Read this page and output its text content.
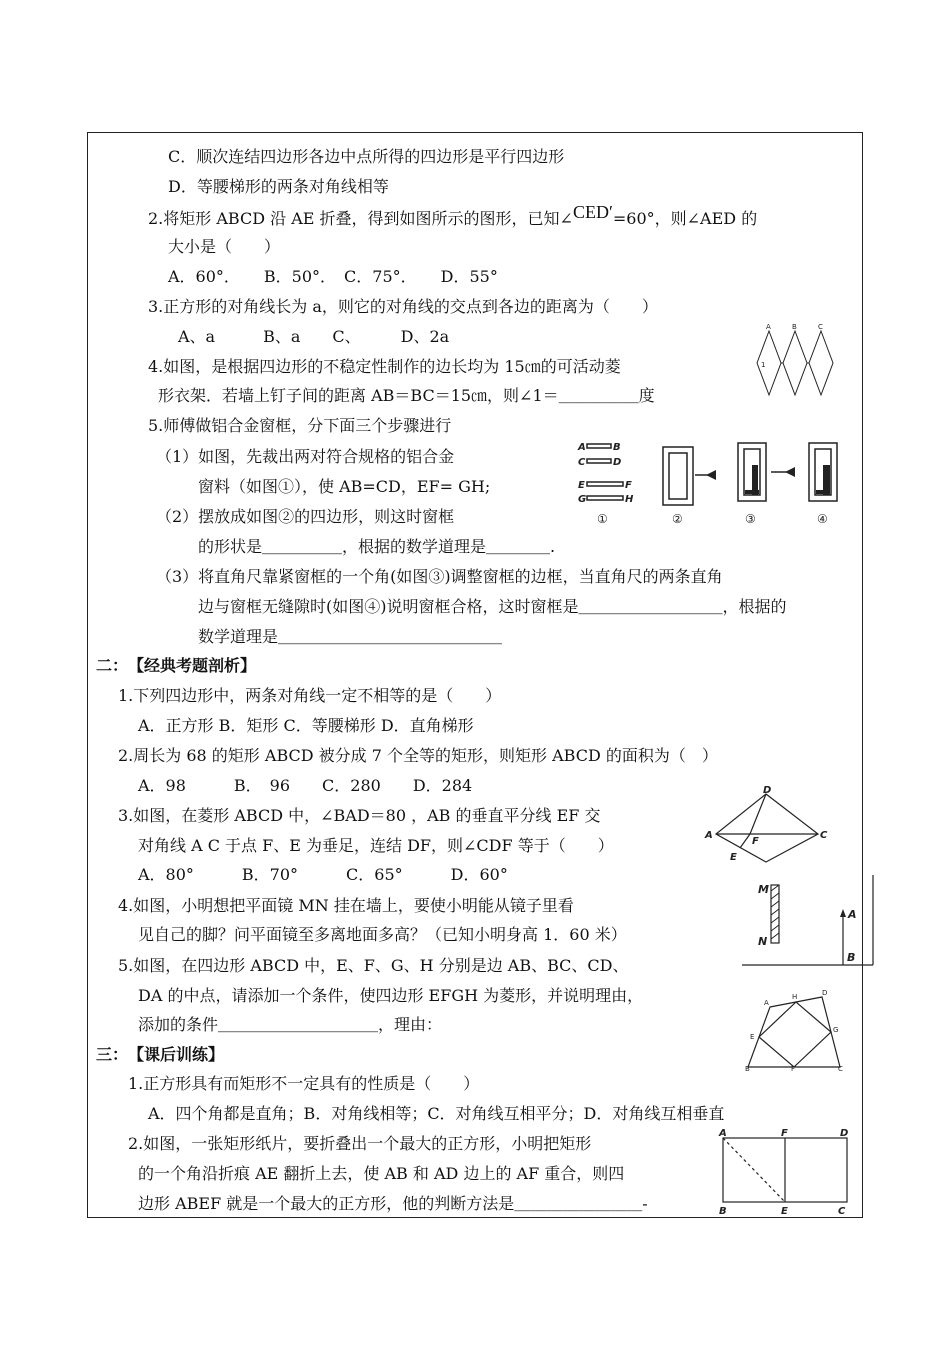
C．顺次连结四边形各边中点所得的四边形是平行四边形
D．等腰梯形的两条对角线相等
2.将矩形 ABCD 沿 AE 折叠，得到如图所示的图形，已知∠CED′=60°，则∠AED 的
大小是（　　）
A．60°．　　B．50°．　C．75°．　　D．55°
3.正方形的对角线长为 a，则它的对角线的交点到各边的距离为（　　）
A、a　　　B、a　　C、　　　D、2a
4.如图，是根据四边形的不稳定性制作的边长均为 15㎝的可活动菱
形衣架．若墙上钉子间的距离 AB＝BC＝15㎝，则∠1＝＿＿＿＿＿度
5.师傅做铝合金窗框，分下面三个步骤进行
（1）如图，先裁出两对符合规格的铝合金
窗料（如图①），使 AB=CD，EF= GH;
（2）摆放成如图②的四边形，则这时窗框
的形状是＿＿＿＿＿，根据的数学道理是＿＿＿＿.
（3）将直角尺靠紧窗框的一个角(如图③)调整窗框的边框，当直角尺的两条直角
边与窗框无缝隙时(如图④)说明窗框合格，这时窗框是＿＿＿＿＿＿＿＿＿，根据的
数学道理是＿＿＿＿＿＿＿＿＿＿＿＿＿＿
二：　【经典考题剖析】
1.下列四边形中，两条对角线一定不相等的是（　　）
A．正方形 B．矩形 C．等腰梯形 D．直角梯形
2.周长为 68 的矩形 ABCD 被分成 7 个全等的矩形，则矩形 ABCD 的面积为（　）
A．98　　　B．　96　　C．280　　D．284
3.如图，在菱形 ABCD 中，∠BAD＝80 ，AB 的垂直平分线 EF 交
对角线 A C 于点 F、E 为垂足，连结 DF，则∠CDF 等于（　　）
A．80°　　　B．70°　　　C．65°　　　D．60°
4.如图，小明想把平面镜 MN 挂在墙上，要使小明能从镜子里看
见自己的脚？问平面镜至多离地面多高？（已知小明身高 1．60 米）
5.如图，在四边形 ABCD 中，E、F、G、H 分别是边 AB、BC、CD、
DA 的中点，请添加一个条件，使四边形 EFGH 为菱形，并说明理由，
添加的条件＿＿＿＿＿＿＿＿＿＿，理由：
三：　【课后训练】
1.正方形具有而矩形不一定具有的性质是（　　）
A．四个角都是直角；B．对角线相等；C．对角线互相平分；D．对角线互相垂直
2.如图，一张矩形纸片，要折叠出一个最大的正方形，小明把矩形
的一个角沿折痕 AE 翻折上去，使 AB 和 AD 边上的 AF 重合，则四
边形 ABEF 就是一个最大的正方形，他的判断方法是＿＿＿＿＿＿＿＿-
A	B	C
1
A	B
C	D
E	F
G	H
①	②	③	④
D
A
F
C
E
M
N
A
B
A
H	D
E
G
B	F	C
A	F	D
B	E	C
